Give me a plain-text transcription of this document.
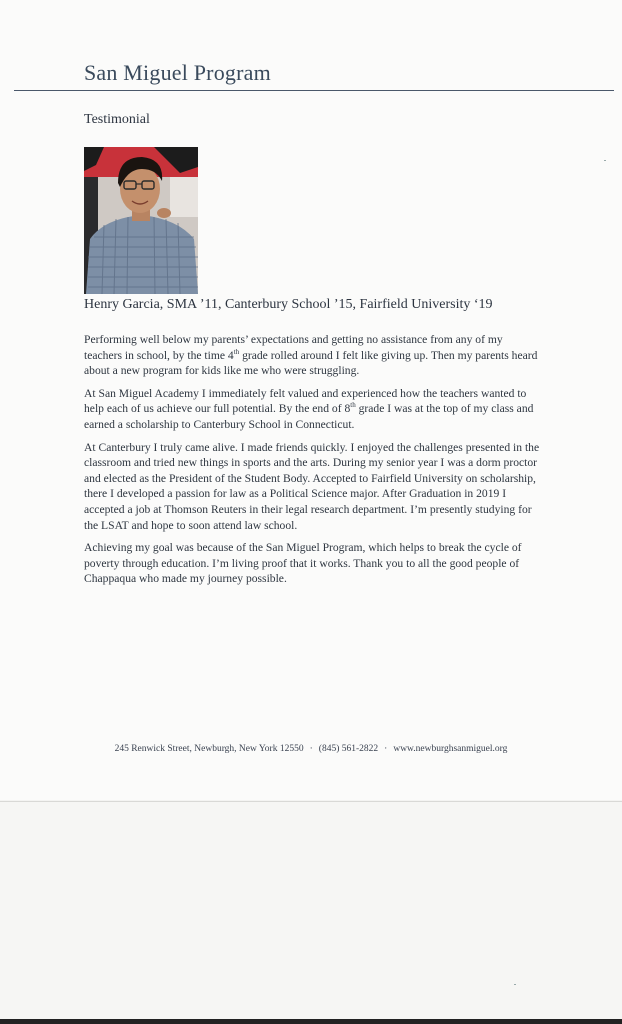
San Miguel Program
Testimonial
Henry Garcia, SMA ’11, Canterbury School ’15, Fairfield University ‘19

Performing well below my parents’ expectations and getting no assistance from any of my teachers in school, by the time 4th grade rolled around I felt like giving up. Then my parents heard about a new program for kids like me who were struggling.

At San Miguel Academy I immediately felt valued and experienced how the teachers wanted to help each of us achieve our full potential. By the end of 8th grade I was at the top of my class and earned a scholarship to Canterbury School in Connecticut.

At Canterbury I truly came alive. I made friends quickly. I enjoyed the challenges presented in the classroom and tried new things in sports and the arts. During my senior year I was a dorm proctor and elected as the President of the Student Body. Accepted to Fairfield University on scholarship, there I developed a passion for law as a Political Science major. After Graduation in 2019 I accepted a job at Thomson Reuters in their legal research department. I’m presently studying for the LSAT and hope to soon attend law school.

Achieving my goal was because of the San Miguel Program, which helps to break the cycle of poverty through education. I’m living proof that it works. Thank you to all the good people of Chappaqua who made my journey possible.

245 Renwick Street, Newburgh, New York 12550 · (845) 561-2822 · www.newburghsanmiguel.org
